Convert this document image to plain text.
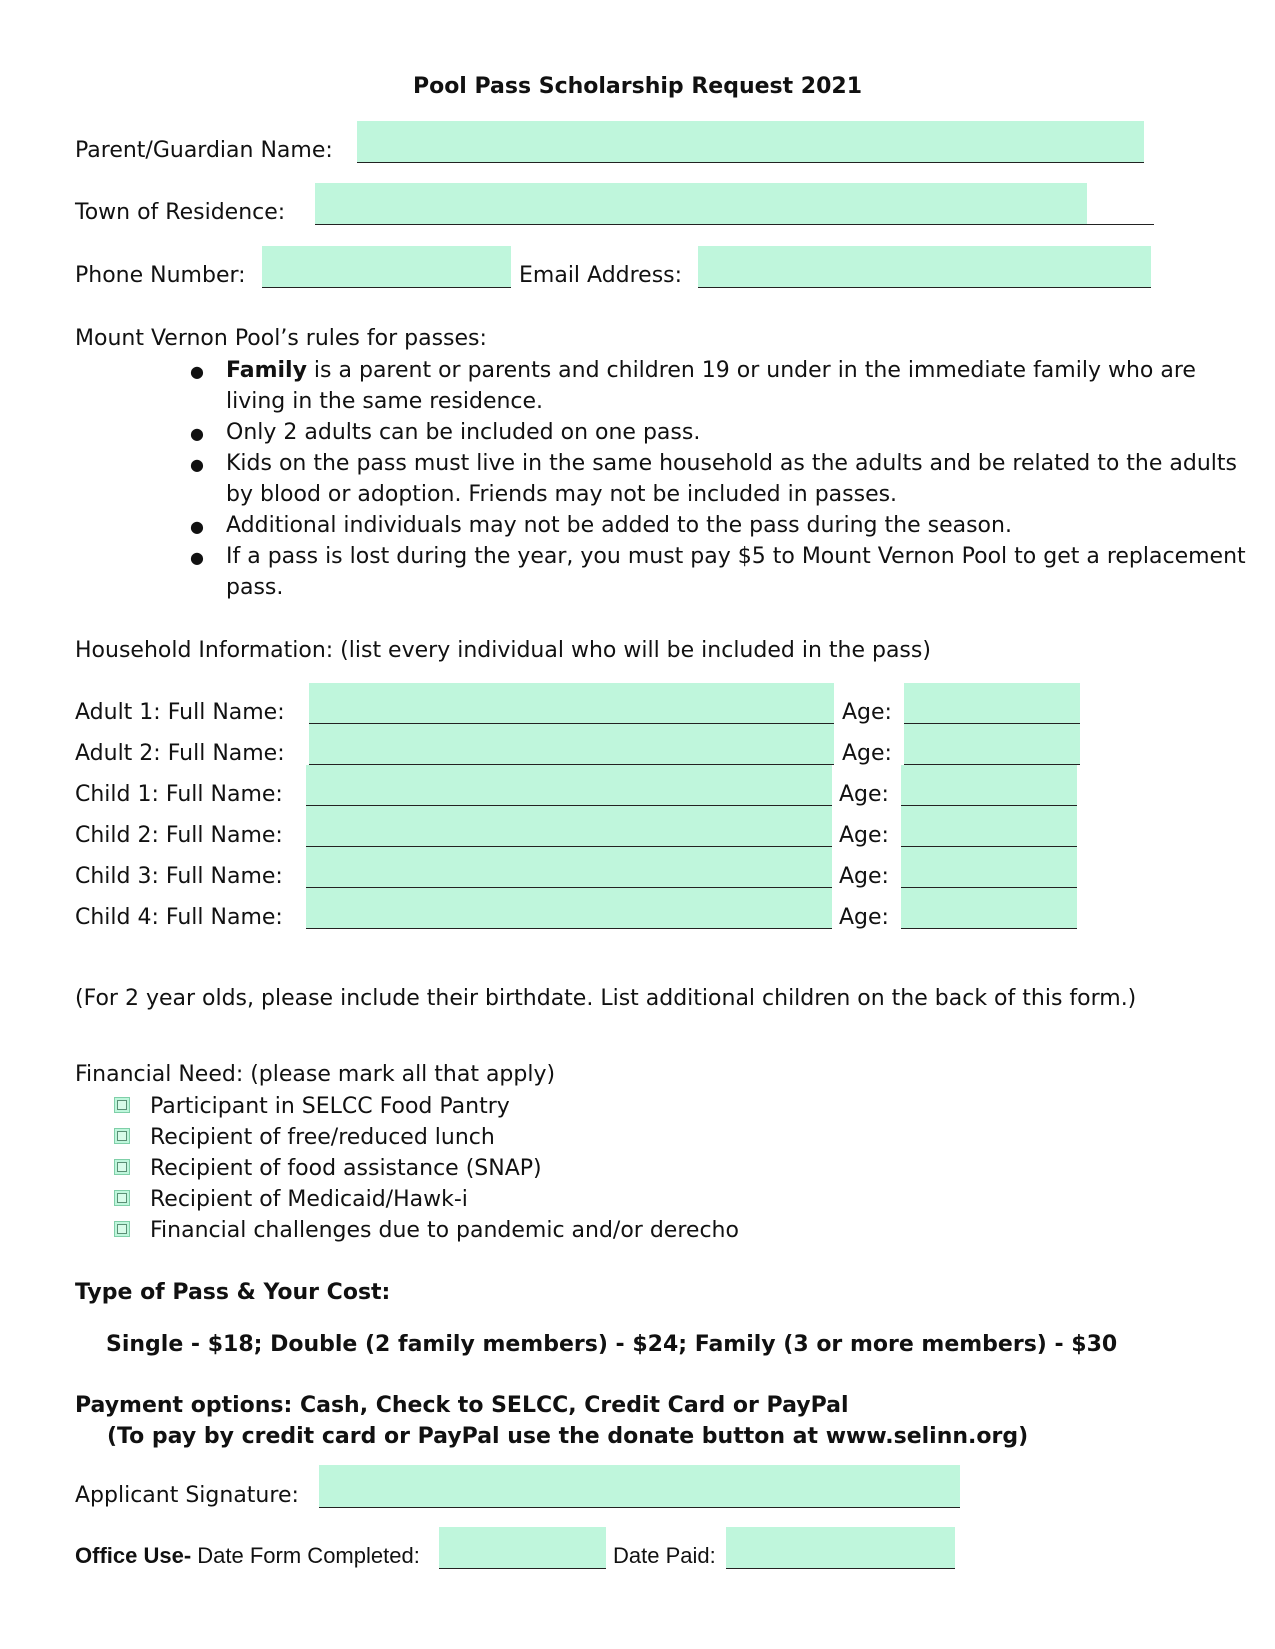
Pool Pass Scholarship Request 2021
Parent/Guardian Name:
Town of Residence:
Phone Number:	Email Address:
Mount Vernon Pool’s rules for passes:
● Family is a parent or parents and children 19 or under in the immediate family who are living in the same residence.
● Only 2 adults can be included on one pass.
● Kids on the pass must live in the same household as the adults and be related to the adults by blood or adoption. Friends may not be included in passes.
● Additional individuals may not be added to the pass during the season.
● If a pass is lost during the year, you must pay $5 to Mount Vernon Pool to get a replacement pass.
Household Information: (list every individual who will be included in the pass)
Adult 1: Full Name:	Age:
Adult 2: Full Name:	Age:
Child 1: Full Name:	Age:
Child 2: Full Name:	Age:
Child 3: Full Name:	Age:
Child 4: Full Name:	Age:
(For 2 year olds, please include their birthdate. List additional children on the back of this form.)
Financial Need: (please mark all that apply)
Participant in SELCC Food Pantry
Recipient of free/reduced lunch
Recipient of food assistance (SNAP)
Recipient of Medicaid/Hawk-i
Financial challenges due to pandemic and/or derecho
Type of Pass & Your Cost:
Single - $18; Double (2 family members) - $24; Family (3 or more members) - $30
Payment options: Cash, Check to SELCC, Credit Card or PayPal
(To pay by credit card or PayPal use the donate button at www.selinn.org)
Applicant Signature:
Office Use- Date Form Completed:	Date Paid:
